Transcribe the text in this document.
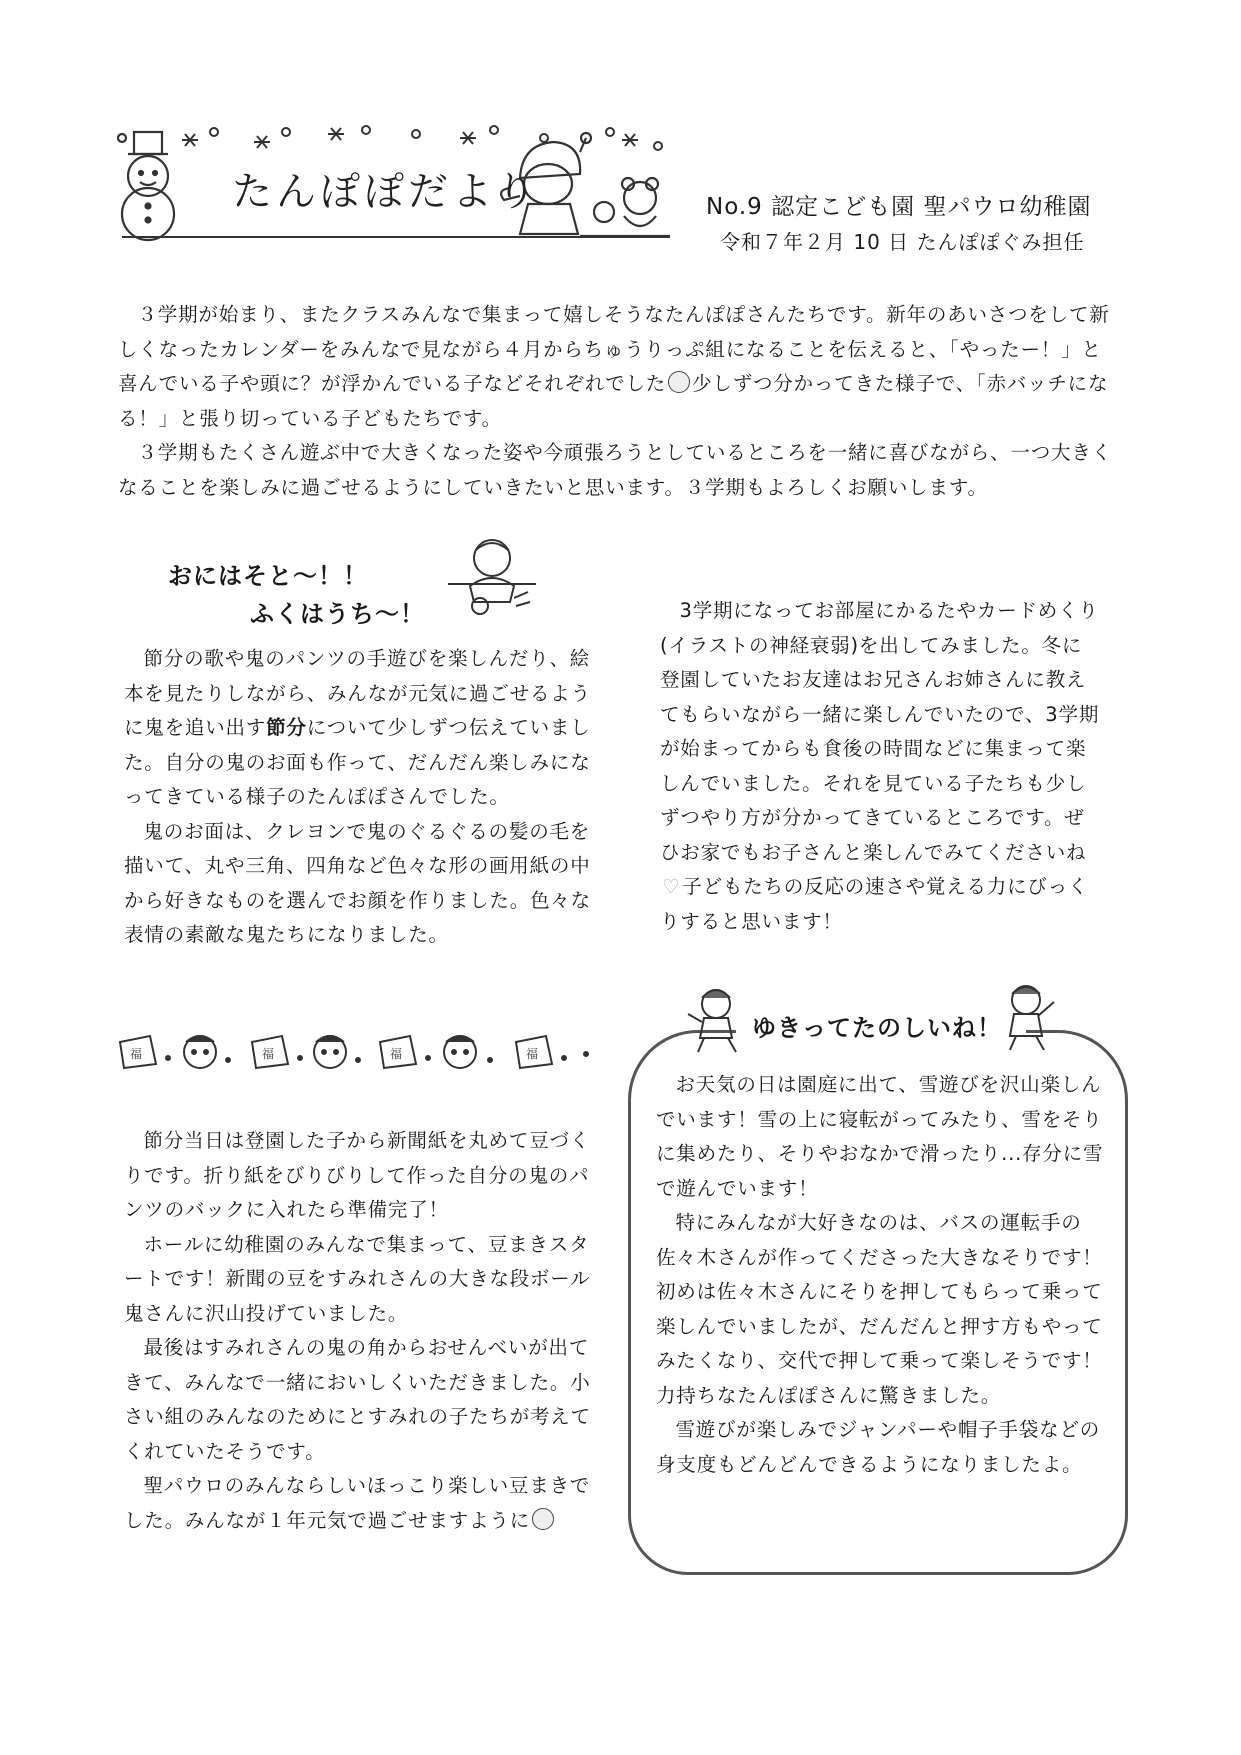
たんぽぽだより	No.9 認定こども園 聖パウロ幼稚園
令和７年２月 10 日 たんぽぽぐみ担任

３学期が始まり、またクラスみんなで集まって嬉しそうなたんぽぽさんたちです。新年のあいさつをして新しくなったカレンダーをみんなで見ながら４月からちゅうりっぷ組になることを伝えると、「やったー！」と喜んでいる子や頭に？が浮かんでいる子などそれぞれでした 少しずつ分かってきた様子で、「赤バッチになる！」と張り切っている子どもたちです。

３学期もたくさん遊ぶ中で大きくなった姿や今頑張ろうとしているところを一緒に喜びながら、一つ大きくなることを楽しみに過ごせるようにしていきたいと思います。３学期もよろしくお願いします。

おにはそと～！！
ふくはうち～！

節分の歌や鬼のパンツの手遊びを楽しんだり、絵本を見たりしながら、みんなが元気に過ごせるように鬼を追い出す節分について少しずつ伝えていました。自分の鬼のお面も作って、だんだん楽しみになってきている様子のたんぽぽさんでした。

鬼のお面は、クレヨンで鬼のぐるぐるの髪の毛を描いて、丸や三角、四角など色々な形の画用紙の中から好きなものを選んでお顔を作りました。色々な表情の素敵な鬼たちになりました。

福	福	福	福

節分当日は登園した子から新聞紙を丸めて豆づくりです。折り紙をびりびりして作った自分の鬼のパンツのバックに入れたら準備完了！

ホールに幼稚園のみんなで集まって、豆まきスタートです！新聞の豆をすみれさんの大きな段ボール鬼さんに沢山投げていました。

最後はすみれさんの鬼の角からおせんべいが出てきて、みんなで一緒においしくいただきました。小さい組のみんなのためにとすみれの子たちが考えてくれていたそうです。

聖パウロのみんならしいほっこり楽しい豆まきでした。みんなが１年元気で過ごせますように

3学期になってお部屋にかるたやカードめくり(イラストの神経衰弱)を出してみました。冬に登園していたお友達はお兄さんお姉さんに教えてもらいながら一緒に楽しんでいたので、3学期が始まってからも食後の時間などに集まって楽しんでいました。それを見ている子たちも少しずつやり方が分かってきているところです。ぜひお家でもお子さんと楽しんでみてくださいね♡ 子どもたちの反応の速さや覚える力にびっくりすると思います！

ゆきってたのしいね！

お天気の日は園庭に出て、雪遊びを沢山楽しんでいます！雪の上に寝転がってみたり、雪をそりに集めたり、そりやおなかで滑ったり...存分に雪で遊んでいます！

特にみんなが大好きなのは、バスの運転手の佐々木さんが作ってくださった大きなそりです！初めは佐々木さんにそりを押してもらって乗って楽しんでいましたが、だんだんと押す方もやってみたくなり、交代で押して乗って楽しそうです！力持ちなたんぽぽさんに驚きました。

雪遊びが楽しみでジャンパーや帽子手袋などの身支度もどんどんできるようになりましたよ。
